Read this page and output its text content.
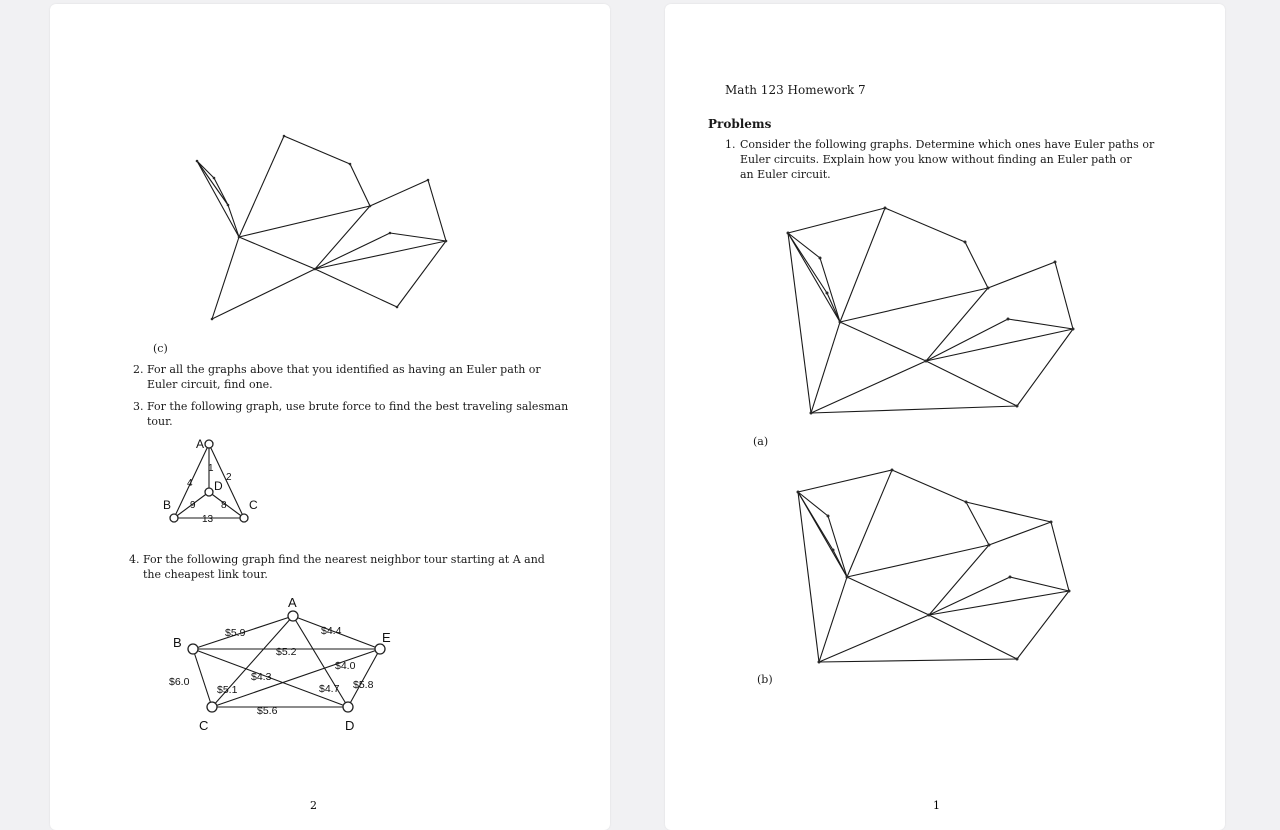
(c)
2. For all the graphs above that you identified as having an Euler path or
Euler circuit, find one.
3. For the following graph, use brute force to find the best traveling salesman
tour.
A
B	C
D
1
4
2
9	8
13
4. For the following graph find the nearest neighbor tour starting at A and
the cheapest link tour.
A
B
C	D
E
$5.9	$4.4
$5.2
$4.0
$4.7 $5.8
$6.0
$5.1
$4.3
$5.6
2
Math 123 Homework 7
Problems
1. Consider the following graphs. Determine which ones have Euler paths or
Euler circuits. Explain how you know without finding an Euler path or
an Euler circuit.
(a)
(b)
1
